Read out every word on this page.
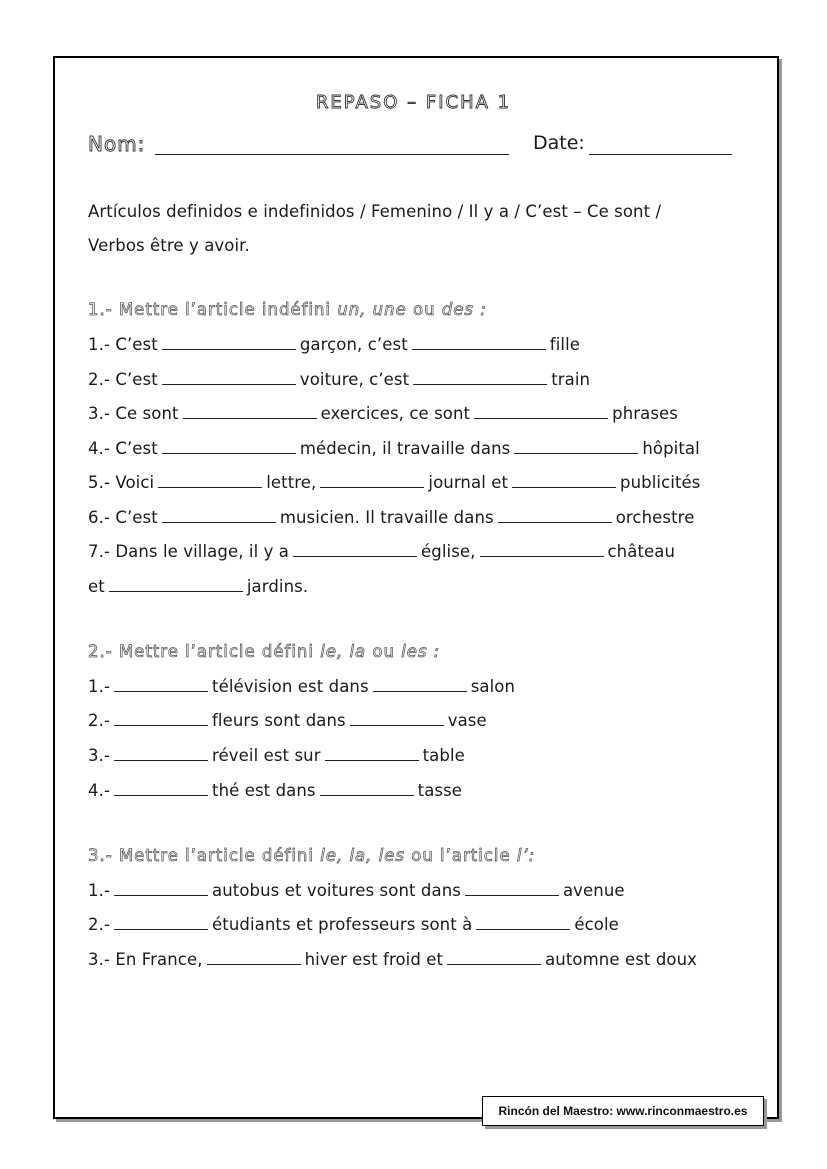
REPASO – FICHA 1
Nom:	Date:
Artículos definidos e indefinidos / Femenino / Il y a / C’est – Ce sont /
Verbos être y avoir.
1.- Mettre l’article indéfini un, une ou des :
1.- C’est	garçon, c’est	fille
2.- C’est	voiture, c’est	train
3.- Ce sont	exercices, ce sont	phrases
4.- C’est	médecin, il travaille dans	hôpital
5.- Voici	lettre,	journal et	publicités
6.- C’est	musicien. Il travaille dans	orchestre
7.- Dans le village, il y a	église,	château
et	jardins.
2.- Mettre l’article défini le, la ou les :
1.-	télévision est dans	salon
2.-	fleurs sont dans	vase
3.-	réveil est sur	table
4.-	thé est dans	tasse
3.- Mettre l’article défini le, la, les ou l’article l’:
1.-	autobus et voitures sont dans	avenue
2.-	étudiants et professeurs sont à	école
3.- En France,	hiver est froid et	automne est doux
Rincón del Maestro: www.rinconmaestro.es
